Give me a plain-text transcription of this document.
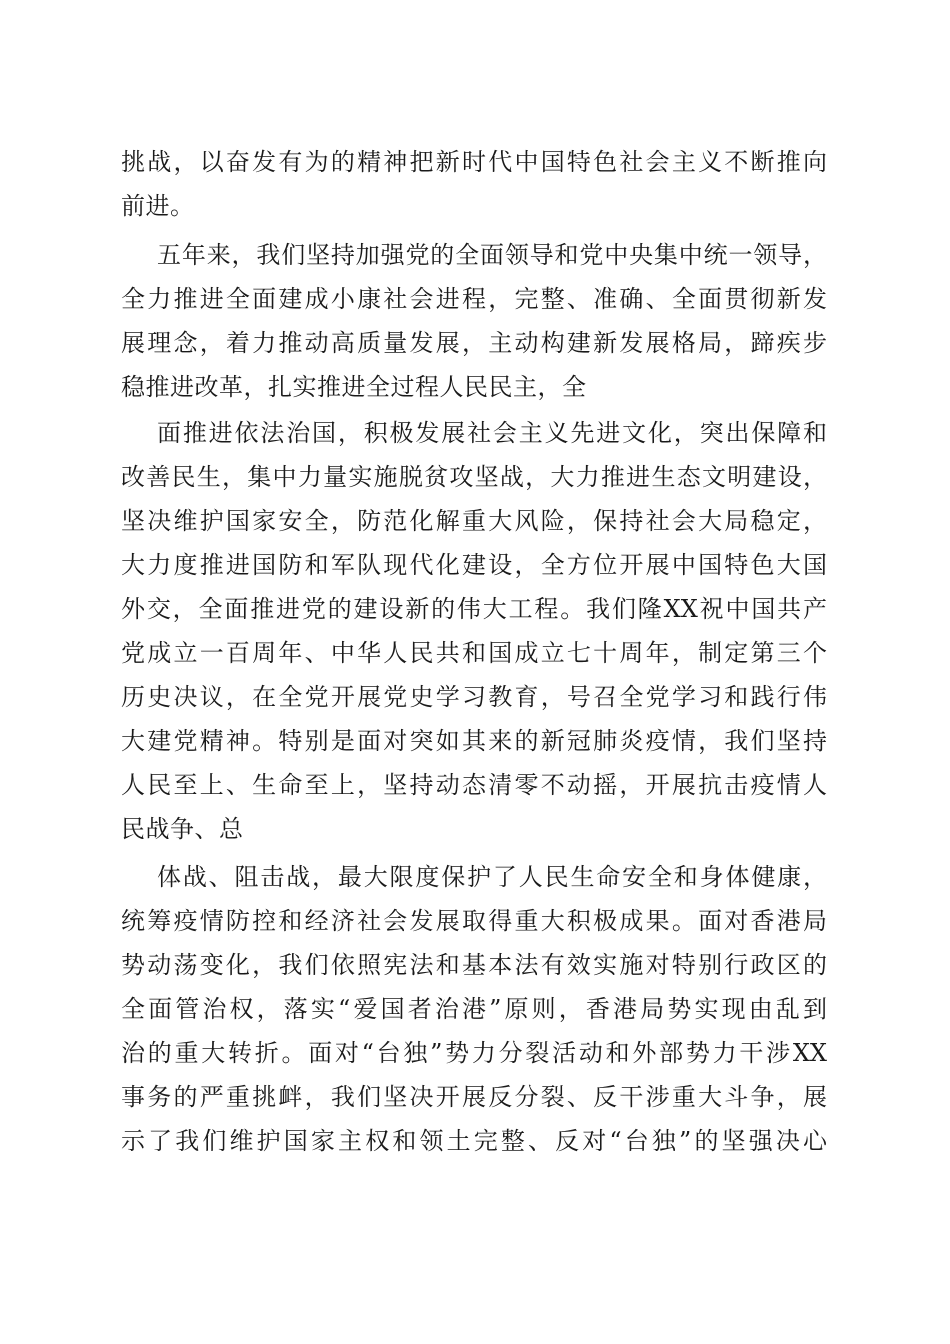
挑战，以奋发有为的精神把新时代中国特色社会主义不断推向
前进。
五年来，我们坚持加强党的全面领导和党中央集中统一领导，
全力推进全面建成小康社会进程，完整、准确、全面贯彻新发
展理念，着力推动高质量发展，主动构建新发展格局，蹄疾步
稳推进改革，扎实推进全过程人民民主，全
面推进依法治国，积极发展社会主义先进文化，突出保障和
改善民生，集中力量实施脱贫攻坚战，大力推进生态文明建设，
坚决维护国家安全，防范化解重大风险，保持社会大局稳定，
大力度推进国防和军队现代化建设，全方位开展中国特色大国
外交，全面推进党的建设新的伟大工程。我们隆XX祝中国共产
党成立一百周年、中华人民共和国成立七十周年，制定第三个
历史决议，在全党开展党史学习教育，号召全党学习和践行伟
大建党精神。特别是面对突如其来的新冠肺炎疫情，我们坚持
人民至上、生命至上，坚持动态清零不动摇，开展抗击疫情人
民战争、总
体战、阻击战，最大限度保护了人民生命安全和身体健康，
统筹疫情防控和经济社会发展取得重大积极成果。面对香港局
势动荡变化，我们依照宪法和基本法有效实施对特别行政区的
全面管治权，落实“爱国者治港”原则，香港局势实现由乱到
治的重大转折。面对“台独”势力分裂活动和外部势力干涉XX
事务的严重挑衅，我们坚决开展反分裂、反干涉重大斗争，展
示了我们维护国家主权和领土完整、反对“台独”的坚强决心
